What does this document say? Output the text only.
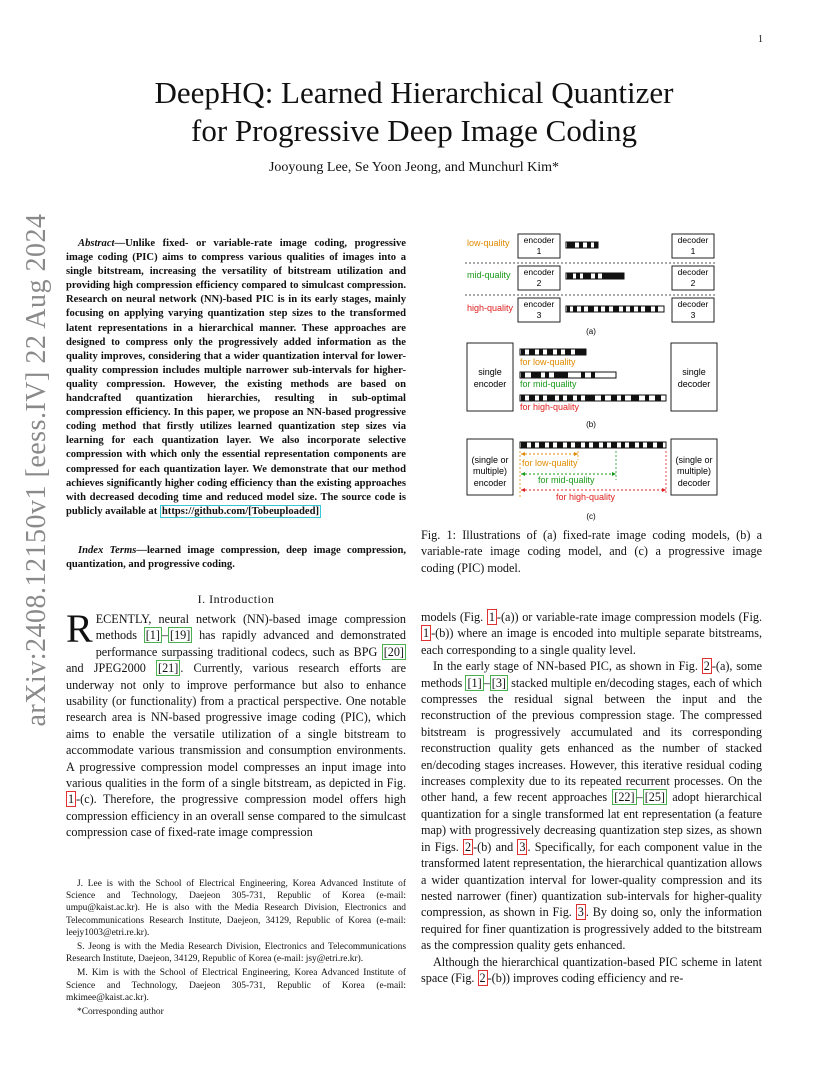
1
arXiv:2408.12150v1 [eess.IV] 22 Aug 2024
DeepHQ: Learned Hierarchical Quantizer
for Progressive Deep Image Coding
Jooyoung Lee, Se Yoon Jeong, and Munchurl Kim*
Abstract—Unlike fixed- or variable-rate image coding, progressive image coding (PIC) aims to compress various qualities of images into a single bitstream, increasing the versatility of bitstream utilization and providing high compression efficiency compared to simulcast compression. Research on neural network (NN)-based PIC is in its early stages, mainly focusing on applying varying quantization step sizes to the transformed latent representations in a hierarchical manner. These approaches are designed to compress only the progressively added information as the quality improves, considering that a wider quantization interval for lower-quality compression includes multiple narrower sub-intervals for higher-quality compression. However, the existing methods are based on handcrafted quantization hierarchies, resulting in sub-optimal compression efficiency. In this paper, we propose an NN-based progressive coding method that firstly utilizes learned quantization step sizes via learning for each quantization layer. We also incorporate selective compression with which only the essential representation components are compressed for each quantization layer. We demonstrate that our method achieves significantly higher coding efficiency than the existing approaches with decreased decoding time and reduced model size. The source code is publicly available at https://github.com/[Tobeuploaded]
Index Terms—learned image compression, deep image compression, quantization, and progressive coding.
I. Introduction
RECENTLY, neural network (NN)-based image compression methods [1] – [19] has rapidly advanced and demonstrated performance surpassing traditional codecs, such as BPG [20] and JPEG2000 [21] . Currently, various research efforts are underway not only to improve performance but also to enhance usability (or functionality) from a practical perspective. One notable research area is NN-based progressive image coding (PIC), which aims to enable the versatile utilization of a single bitstream to accommodate various transmission and consumption environments. A progressive compression model compresses an input image into various qualities in the form of a single bitstream, as depicted in Fig. 1 -(c). Therefore, the progressive compression model offers high compression efficiency in an overall sense compared to the simulcast compression case of fixed-rate image compression

J. Lee is with the School of Electrical Engineering, Korea Advanced Institute of Science and Technology, Daejeon 305-731, Republic of Korea (e-mail: umpu@kaist.ac.kr). He is also with the Media Research Division, Electronics and Telecommunications Research Institute, Daejeon, 34129, Republic of Korea (e-mail: leejy1003@etri.re.kr).

S. Jeong is with the Media Research Division, Electronics and Telecommunications Research Institute, Daejeon, 34129, Republic of Korea (e-mail: jsy@etri.re.kr).

M. Kim is with the School of Electrical Engineering, Korea Advanced Institute of Science and Technology, Daejeon 305-731, Republic of Korea (e-mail: mkimee@kaist.ac.kr).

*Corresponding author

low-quality encoder
1
decoder
1
mid-quality encoder
2
decoder
2
high-quality encoder
3
decoder
3
(a)
single
encoder
for low-quality
for mid-quality
for high-quality
single
decoder
(b)
(single or
multiple)
encoder
for low-quality
for mid-quality
for high-quality
(single or
multiple)
decoder
(c)
Fig. 1: Illustrations of (a) fixed-rate image coding models, (b) a variable-rate image coding model, and (c) a progressive image coding (PIC) model.

models (Fig. 1 -(a)) or variable-rate image compression models (Fig. 1 -(b)) where an image is encoded into multiple separate bitstreams, each corresponding to a single quality level.

In the early stage of NN-based PIC, as shown in Fig. 2 -(a), some methods [1] – [3] stacked multiple en/decoding stages, each of which compresses the residual signal between the input and the reconstruction of the previous compression stage. The compressed bitstream is progressively accumulated and its corresponding reconstruction quality gets enhanced as the number of stacked en/decoding stages increases. However, this iterative residual coding increases complexity due to its repeated recurrent processes. On the other hand, a few recent approaches [22] – [25] adopt hierarchical quantization for a single transformed lat ent representation (a feature map) with progressively decreasing quantization step sizes, as shown in Figs. 2 -(b) and 3 . Specifically, for each component value in the transformed latent representation, the hierarchical quantization allows a wider quantization interval for lower-quality compression and its nested narrower (finer) quantization sub-intervals for higher-quality compression, as shown in Fig. 3 . By doing so, only the information required for finer quantization is progressively added to the bitstream as the compression quality gets enhanced.

Although the hierarchical quantization-based PIC scheme in latent space (Fig. 2 -(b)) improves coding efficiency and re-
